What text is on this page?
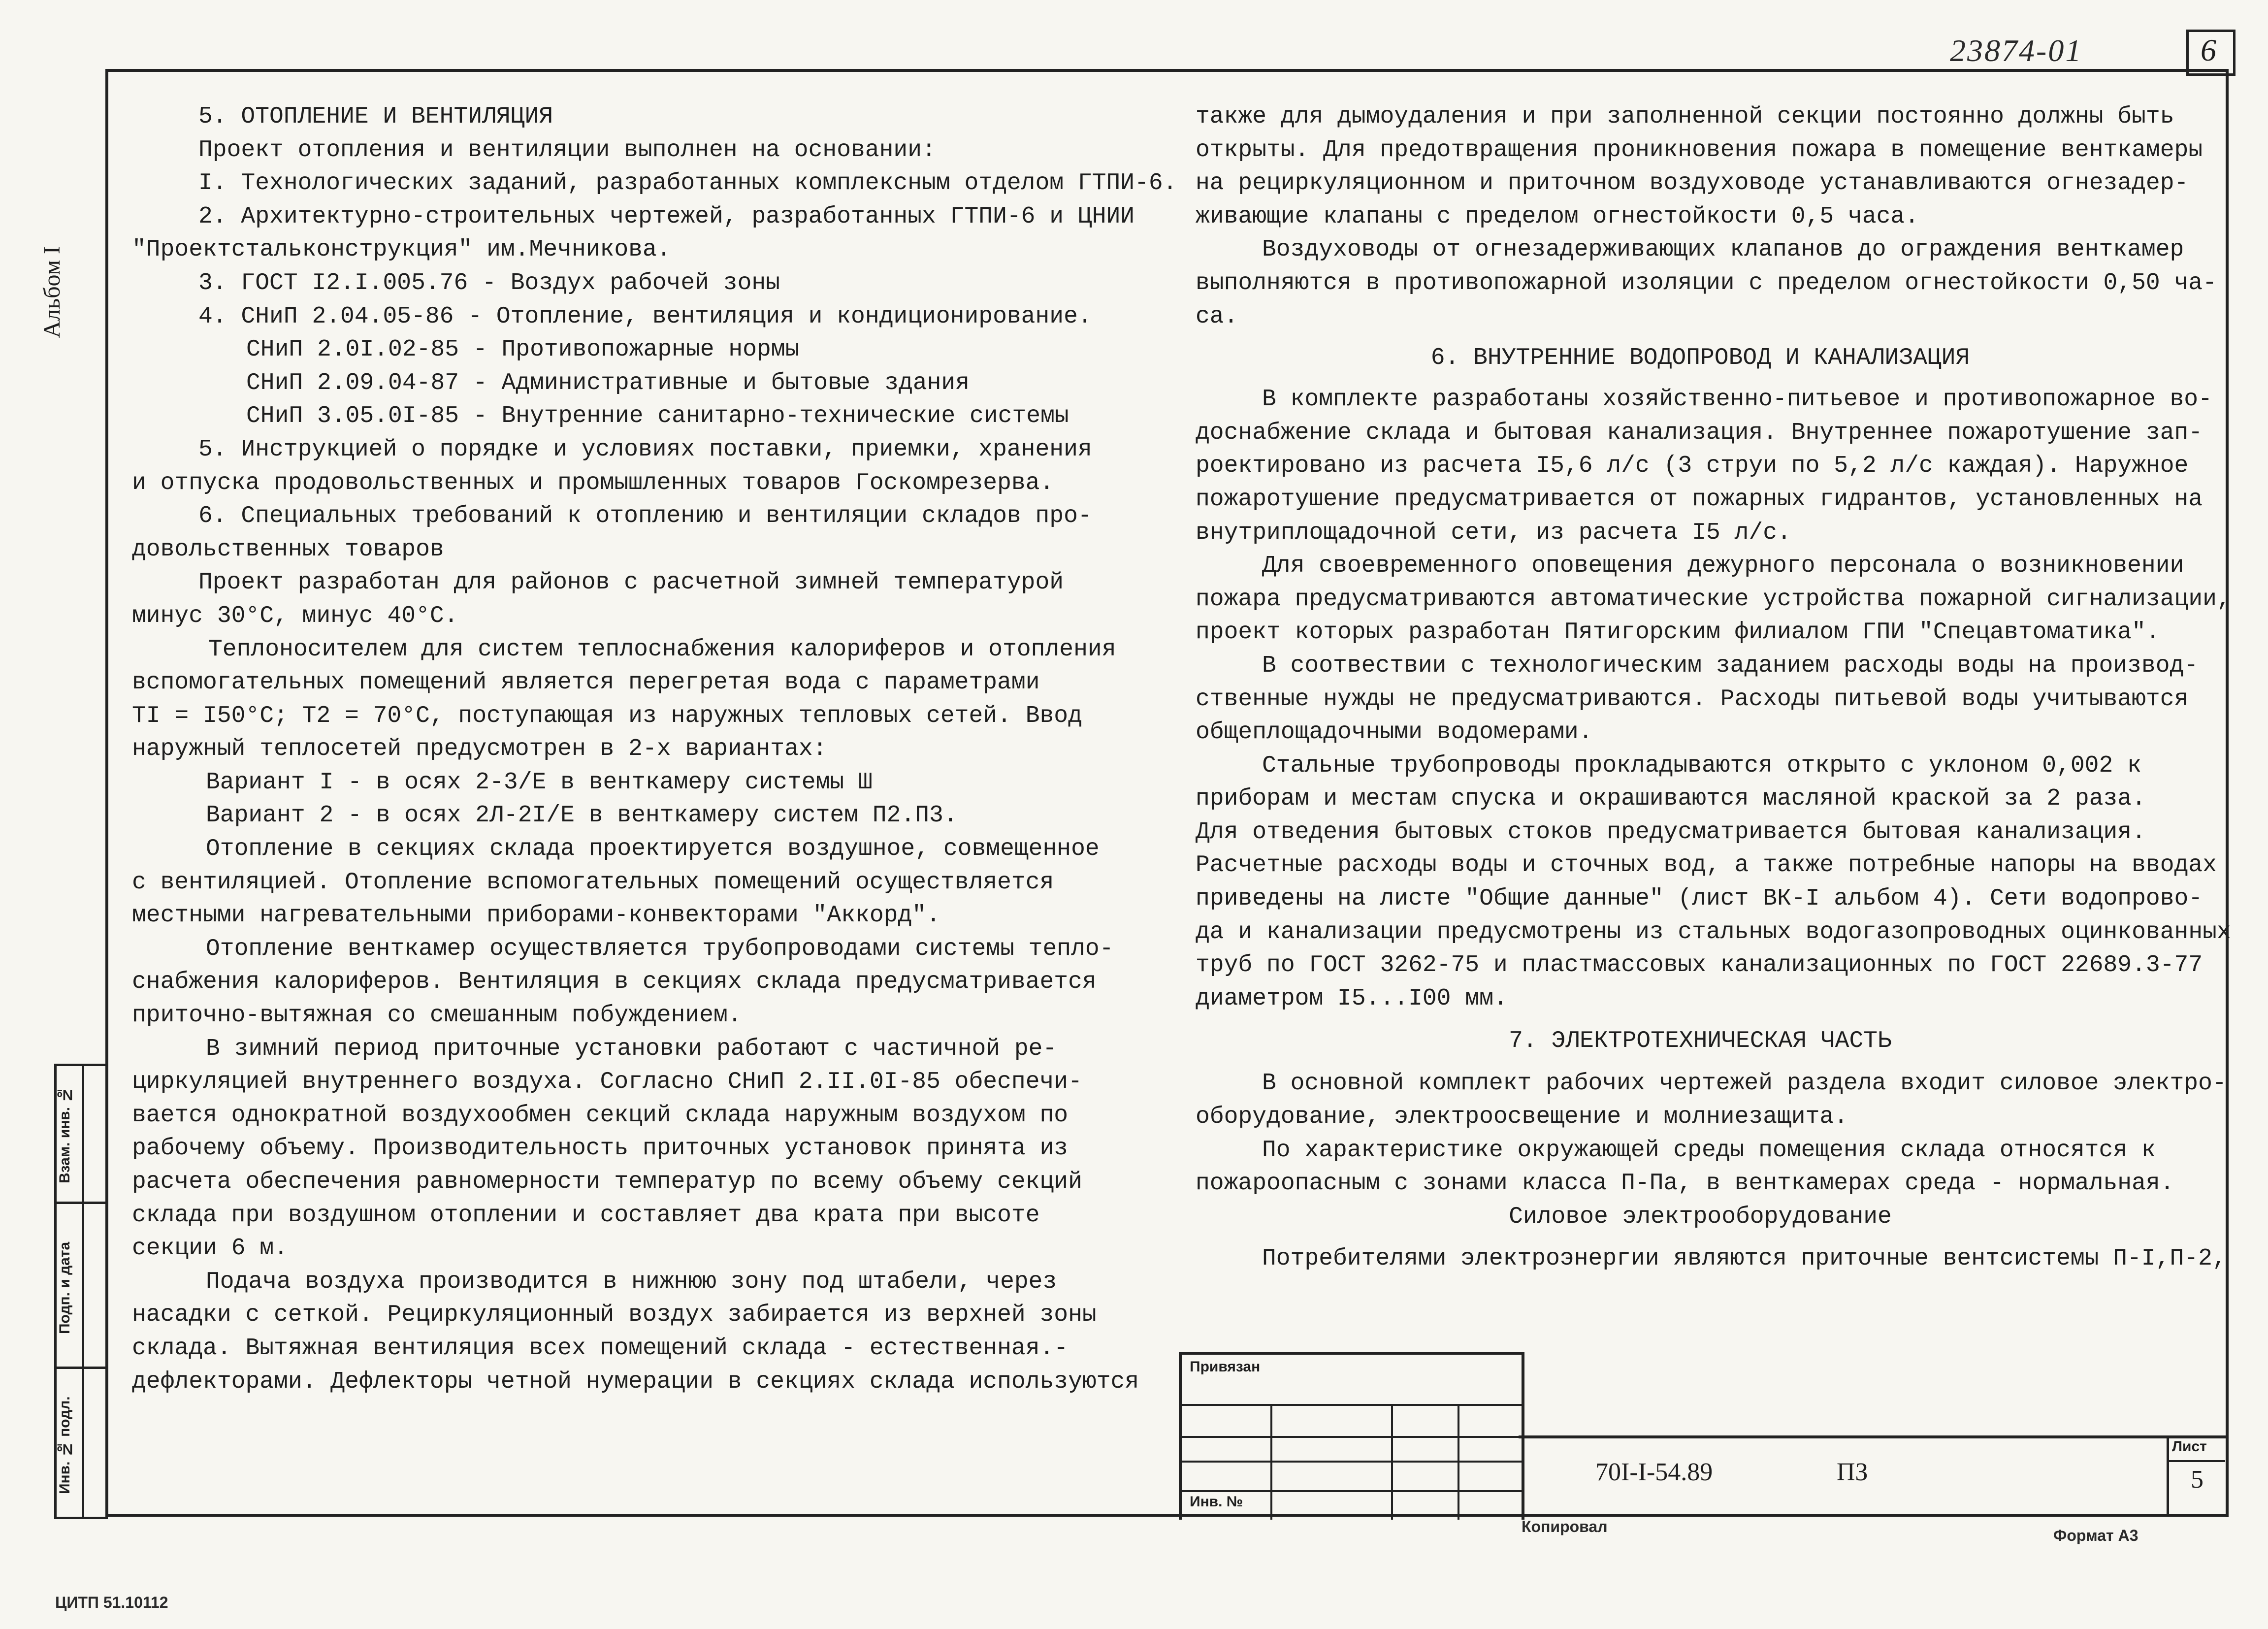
23874-01	6
Альбом I
Взам. инв. №
Подп. и дата
Инв. № подл.
5. ОТОПЛЕНИЕ И ВЕНТИЛЯЦИЯ
Проект отопления и вентиляции выполнен на основании:
I. Технологических заданий, разработанных комплексным отделом ГТПИ-6.
2. Архитектурно-строительных чертежей, разработанных ГТПИ-6 и ЦНИИ
"Проектстальконструкция" им.Мечникова.
3. ГОСТ I2.I.005.76 - Воздух рабочей зоны
4. СНиП 2.04.05-86 - Отопление, вентиляция и кондиционирование.
СНиП 2.0I.02-85 - Противопожарные нормы
СНиП 2.09.04-87 - Административные и бытовые здания
СНиП 3.05.0I-85 - Внутренние санитарно-технические системы
5. Инструкцией о порядке и условиях поставки, приемки, хранения
и отпуска продовольственных и промышленных товаров Госкомрезерва.
6. Специальных требований к отоплению и вентиляции складов про-
довольственных товаров
Проект разработан для районов с расчетной зимней температурой
минус 30°С, минус 40°С.
Теплоносителем для систем теплоснабжения калориферов и отопления
вспомогательных помещений является перегретая вода с параметрами
TI = I50°С; Т2 = 70°С, поступающая из наружных тепловых сетей. Ввод
наружный теплосетей предусмотрен в 2-х вариантах:
Вариант I - в осях 2-3/Е в венткамеру системы Ш
Вариант 2 - в осях 2Л-2I/Е в венткамеру систем П2.П3.
Отопление в секциях склада проектируется воздушное, совмещенное
с вентиляцией. Отопление вспомогательных помещений осуществляется
местными нагревательными приборами-конвекторами "Аккорд".
Отопление венткамер осуществляется трубопроводами системы тепло-
снабжения калориферов. Вентиляция в секциях склада предусматривается
приточно-вытяжная со смешанным побуждением.
В зимний период приточные установки работают с частичной ре-
циркуляцией внутреннего воздуха. Согласно СНиП 2.II.0I-85 обеспечи-
вается однократной воздухообмен секций склада наружным воздухом по
рабочему объему. Производительность приточных установок принята из
расчета обеспечения равномерности температур по всему объему секций
склада при воздушном отоплении и составляет два крата при высоте
секции 6 м.
Подача воздуха производится в нижнюю зону под штабели, через
насадки с сеткой. Рециркуляционный воздух забирается из верхней зоны
склада. Вытяжная вентиляция всех помещений склада - естественная.-
дефлекторами. Дефлекторы четной нумерации в секциях склада используются
также для дымоудаления и при заполненной секции постоянно должны быть
открыты. Для предотвращения проникновения пожара в помещение венткамеры
на рециркуляционном и приточном воздуховоде устанавливаются огнезадер-
живающие клапаны с пределом огнестойкости 0,5 часа.
Воздуховоды от огнезадерживающих клапанов до ограждения венткамер
выполняются в противопожарной изоляции с пределом огнестойкости 0,50 ча-
са.
6. ВНУТРЕННИЕ ВОДОПРОВОД И КАНАЛИЗАЦИЯ
В комплекте разработаны хозяйственно-питьевое и противопожарное во-
доснабжение склада и бытовая канализация. Внутреннее пожаротушение зап-
роектировано из расчета I5,6 л/с (3 струи по 5,2 л/с каждая). Наружное
пожаротушение предусматривается от пожарных гидрантов, установленных на
внутриплощадочной сети, из расчета I5 л/с.
Для своевременного оповещения дежурного персонала о возникновении
пожара предусматриваются автоматические устройства пожарной сигнализации,
проект которых разработан Пятигорским филиалом ГПИ "Спецавтоматика".
В соотвествии с технологическим заданием расходы воды на производ-
ственные нужды не предусматриваются. Расходы питьевой воды учитываются
общеплощадочными водомерами.
Стальные трубопроводы прокладываются открыто с уклоном 0,002 к
приборам и местам спуска и окрашиваются масляной краской за 2 раза.
Для отведения бытовых стоков предусматривается бытовая канализация.
Расчетные расходы воды и сточных вод, а также потребные напоры на вводах
приведены на листе "Общие данные" (лист ВК-I альбом 4). Сети водопрово-
да и канализации предусмотрены из стальных водогазопроводных оцинкованных
труб по ГОСТ 3262-75 и пластмассовых канализационных по ГОСТ 22689.3-77
диаметром I5...I00 мм.
7. ЭЛЕКТРОТЕХНИЧЕСКАЯ ЧАСТЬ
В основной комплект рабочих чертежей раздела входит силовое электро-
оборудование, электроосвещение и молниезащита.
По характеристике окружающей среды помещения склада относятся к
пожароопасным с зонами класса П-Па, в венткамерах среда - нормальная.
Силовое электрооборудование
Потребителями электроэнергии являются приточные вентсистемы П-I,П-2,
Привязан
Инв. №
70I-I-54.89	ПЗ
Лист
5
Копировал	Формат А3
ЦИТП 51.10112
